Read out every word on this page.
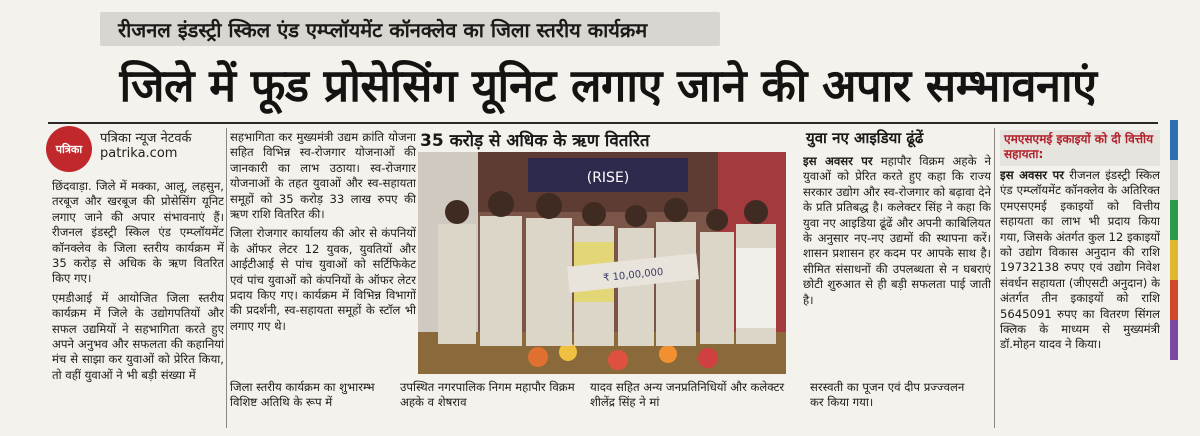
रीजनल इंडस्ट्री स्किल एंड एम्प्लॉयमेंट कॉनक्लेव का जिला स्तरीय कार्यक्रम
जिले में फूड प्रोसेसिंग यूनिट लगाए जाने की अपार सम्भावनाएं
पत्रिका
पत्रिका न्यूज नेटवर्क
patrika.com

छिंदवाड़ा. जिले में मक्का, आलू, लहसुन, तरबूज और खरबूज की प्रोसेसिंग यूनिट लगाए जाने की अपार संभावनाएं हैं। रीजनल इंडस्ट्री स्किल एंड एम्प्लॉयमेंट कॉनक्लेव के जिला स्तरीय कार्यक्रम में 35 करोड़ से अधिक के ऋण वितरित किए गए।

एमडीआई में आयोजित जिला स्तरीय कार्यक्रम में जिले के उद्योगपतियों और सफल उद्यमियों ने सहभागिता करते हुए अपने अनुभव और सफलता की कहानियां मंच से साझा कर युवाओं को प्रेरित किया, तो वहीं युवाओं ने भी बड़ी संख्या में

सहभागिता कर मुख्यमंत्री उद्यम क्रांति योजना सहित विभिन्न स्व-रोजगार योजनाओं की जानकारी का लाभ उठाया। स्व-रोजगार योजनाओं के तहत युवाओं और स्व-सहायता समूहों को 35 करोड़ 33 लाख रुपए की ऋण राशि वितरित की।

जिला रोजगार कार्यालय की ओर से कंपनियों के ऑफर लेटर 12 युवक, युवतियों और आईटीआई से पांच युवाओं को सर्टिफिकेट एवं पांच युवाओं को कंपनियों के ऑफर लेटर प्रदाय किए गए। कार्यक्रम में विभिन्न विभागों की प्रदर्शनी, स्व-सहायता समूहों के स्टॉल भी लगाए गए थे।

35 करोड़ से अधिक के ऋण वितरित
(RISE)
₹ 10,00,000
युवा नए आइडिया ढूंढें

इस अवसर पर महापौर विक्रम अहके ने युवाओं को प्रेरित करते हुए कहा कि राज्य सरकार उद्योग और स्व-रोजगार को बढ़ावा देने के प्रति प्रतिबद्ध है। कलेक्टर सिंह ने कहा कि युवा नए आइडिया ढूंढें और अपनी काबिलियत के अनुसार नए-नए उद्यमों की स्थापना करें। शासन प्रशासन हर कदम पर आपके साथ है। सीमित संसाधनों की उपलब्धता से न घबराएं छोटी शुरुआत से ही बड़ी सफलता पाई जाती है।

एमएसएमई इकाइयों को दी वित्तीय सहायता:

इस अवसर पर रीजनल इंडस्ट्री स्किल एंड एम्प्लॉयमेंट कॉनक्लेव के अतिरिक्त एमएसएमई इकाइयों को वित्तीय सहायता का लाभ भी प्रदाय किया गया, जिसके अंतर्गत कुल 12 इकाइयों को उद्योग विकास अनुदान की राशि 19732138 रुपए एवं उद्योग निवेश संवर्धन सहायता (जीएसटी अनुदान) के अंतर्गत तीन इकाइयों को राशि 5645091 रुपए का वितरण सिंगल क्लिक के माध्यम से मुख्यमंत्री डॉ.मोहन यादव ने किया।

जिला स्तरीय कार्यक्रम का शुभारम्भ विशिष्ट अतिथि के रूप में
उपस्थित नगरपालिक निगम महापौर विक्रम अहके व शेषराव
यादव सहित अन्य जनप्रतिनिधियों और कलेक्टर शीलेंद्र सिंह ने मां
सरस्वती का पूजन एवं दीप प्रज्ज्वलन कर किया गया।
